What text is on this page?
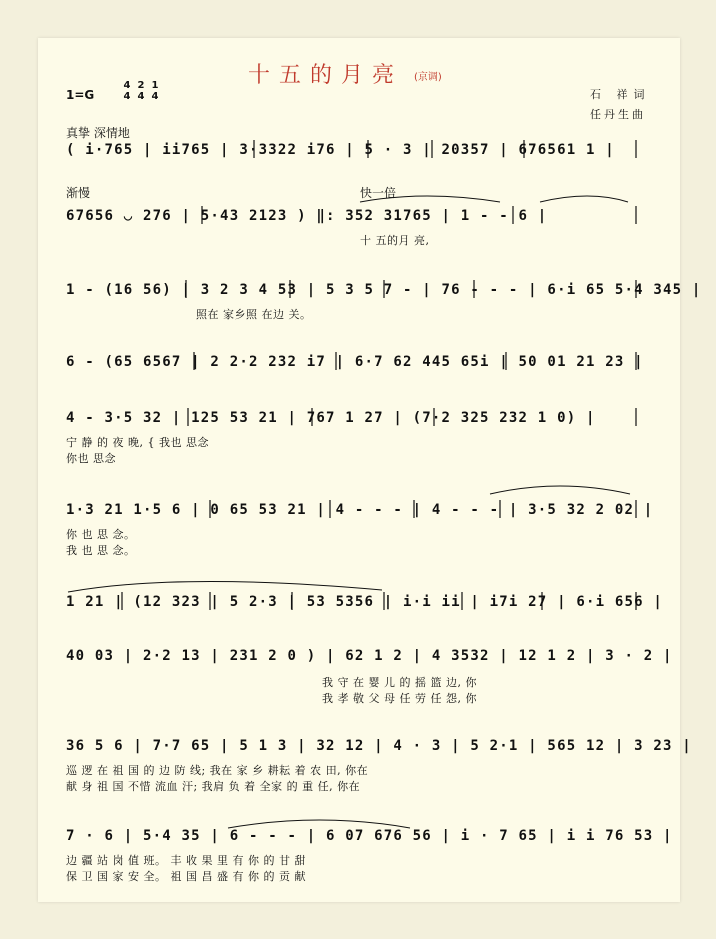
十五的月亮 (京调)
1=G
4
4
2
4
1
4	石 祥词
任丹生曲
真挚 深情地
渐慢	快一倍
( i·765 | ii765 | 3·3322 i76 | 5 · 3 | 20357 | 676561 1 |
67656 ◡ 276 | 5·43 2123 ) ‖: 352 31765 | 1 - - 6 |
十 五的月 亮,
1 - (16 56) | 3 2 3 4 53 | 5 3 5 7 - | 76 - - - | 6·i 65 5·4 345 |
照在 家乡照 在边 关。
6 - (65 6567 | 2 2·2 232 i7 | 6·7 62 445 65i | 50 01 21 23 |
4 - 3·5 32 | 125 53 21 | 767 1 27 | (7·2 325 232 1 0) |
宁 静 的 夜 晚, { 我也 思念
你也 思念
1·3 21 1·5 6 | 0 65 53 21 | 4 - - - | 4 - - - | 3·5 32 2 02 |
你 也 思 念。
我 也 思 念。
1 21 | (12 323 | 5 2·3 | 53 5356 | i·i ii | i7i 27 | 6·i 656 |
40 03 | 2·2 13 | 231 2 0 ) | 62 1 2 | 4 3532 | 12 1 2 | 3 · 2 |
我 守 在 婴 儿 的 摇 篮 边, 你
我 孝 敬 父 母 任 劳 任 怨, 你
36 5 6 | 7·7 65 | 5 1 3 | 32 12 | 4 · 3 | 5 2·1 | 565 12 | 3 23 |
巡 逻 在 祖 国 的 边 防 线; 我在 家 乡 耕耘 着 农 田, 你在
献 身 祖 国 不惜 流血 汗; 我肩 负 着 全家 的 重 任, 你在
7 · 6 | 5·4 35 | 6 - - - | 6 07 676 56 | i · 7 65 | i i 76 53 |
边 疆 站 岗 值 班。 丰 收 果 里 有 你 的 甘 甜
保 卫 国 家 安 全。 祖 国 昌 盛 有 你 的 贡 献
